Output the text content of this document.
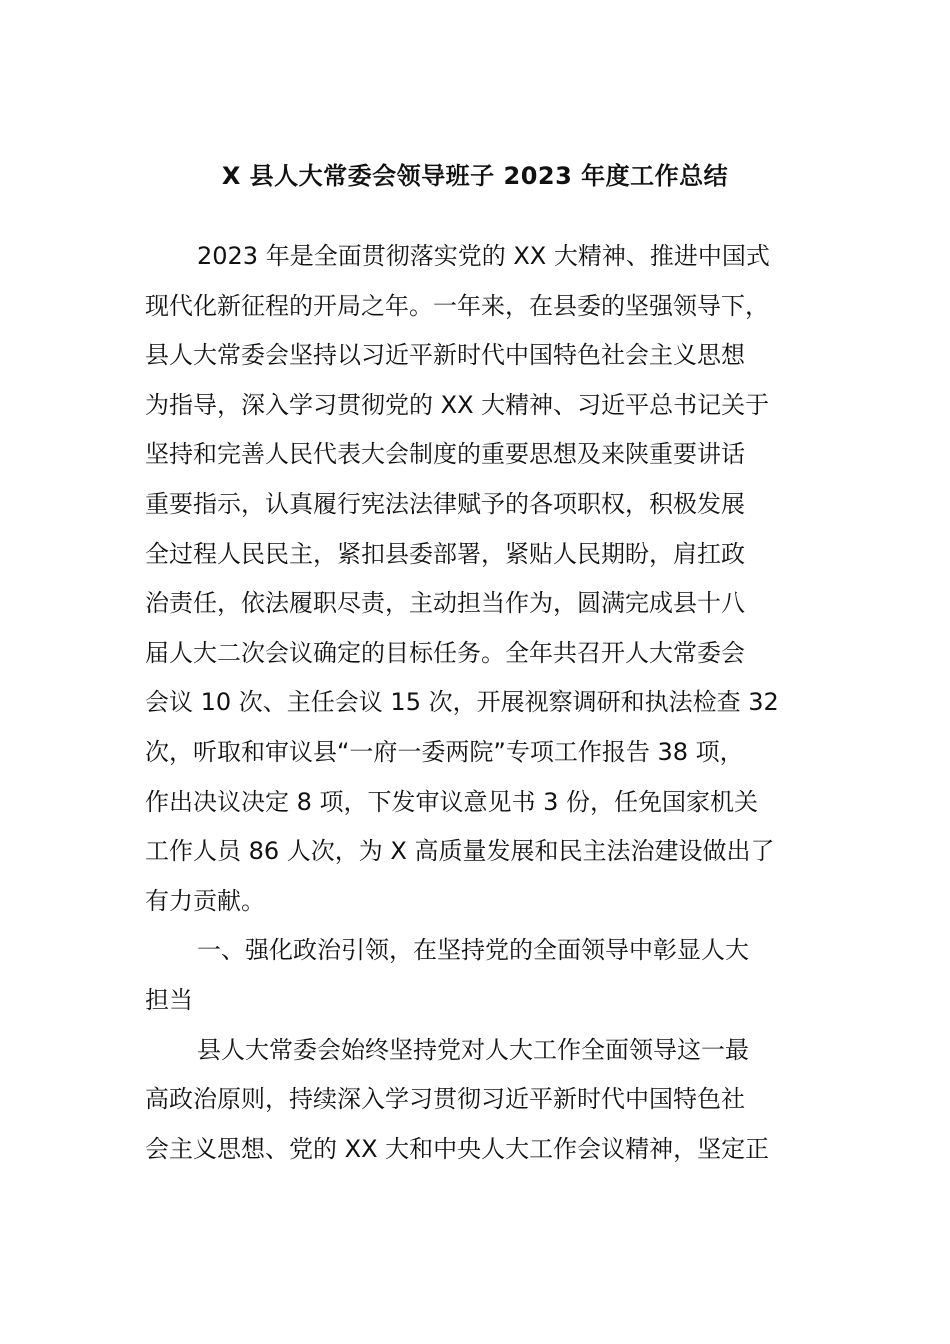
X 县人大常委会领导班子 2023 年度工作总结
2023 年是全面贯彻落实党的 XX 大精神、推进中国式
现代化新征程的开局之年。一年来，在县委的坚强领导下，
县人大常委会坚持以习近平新时代中国特色社会主义思想
为指导，深入学习贯彻党的 XX 大精神、习近平总书记关于
坚持和完善人民代表大会制度的重要思想及来陕重要讲话
重要指示，认真履行宪法法律赋予的各项职权，积极发展
全过程人民民主，紧扣县委部署，紧贴人民期盼，肩扛政
治责任，依法履职尽责，主动担当作为，圆满完成县十八
届人大二次会议确定的目标任务。全年共召开人大常委会
会议 10 次、主任会议 15 次，开展视察调研和执法检查 32
次，听取和审议县“一府一委两院”专项工作报告 38 项，
作出决议决定 8 项，下发审议意见书 3 份，任免国家机关
工作人员 86 人次，为 X 高质量发展和民主法治建设做出了
有力贡献。
一、强化政治引领，在坚持党的全面领导中彰显人大
担当
县人大常委会始终坚持党对人大工作全面领导这一最
高政治原则，持续深入学习贯彻习近平新时代中国特色社
会主义思想、党的 XX 大和中央人大工作会议精神，坚定正
